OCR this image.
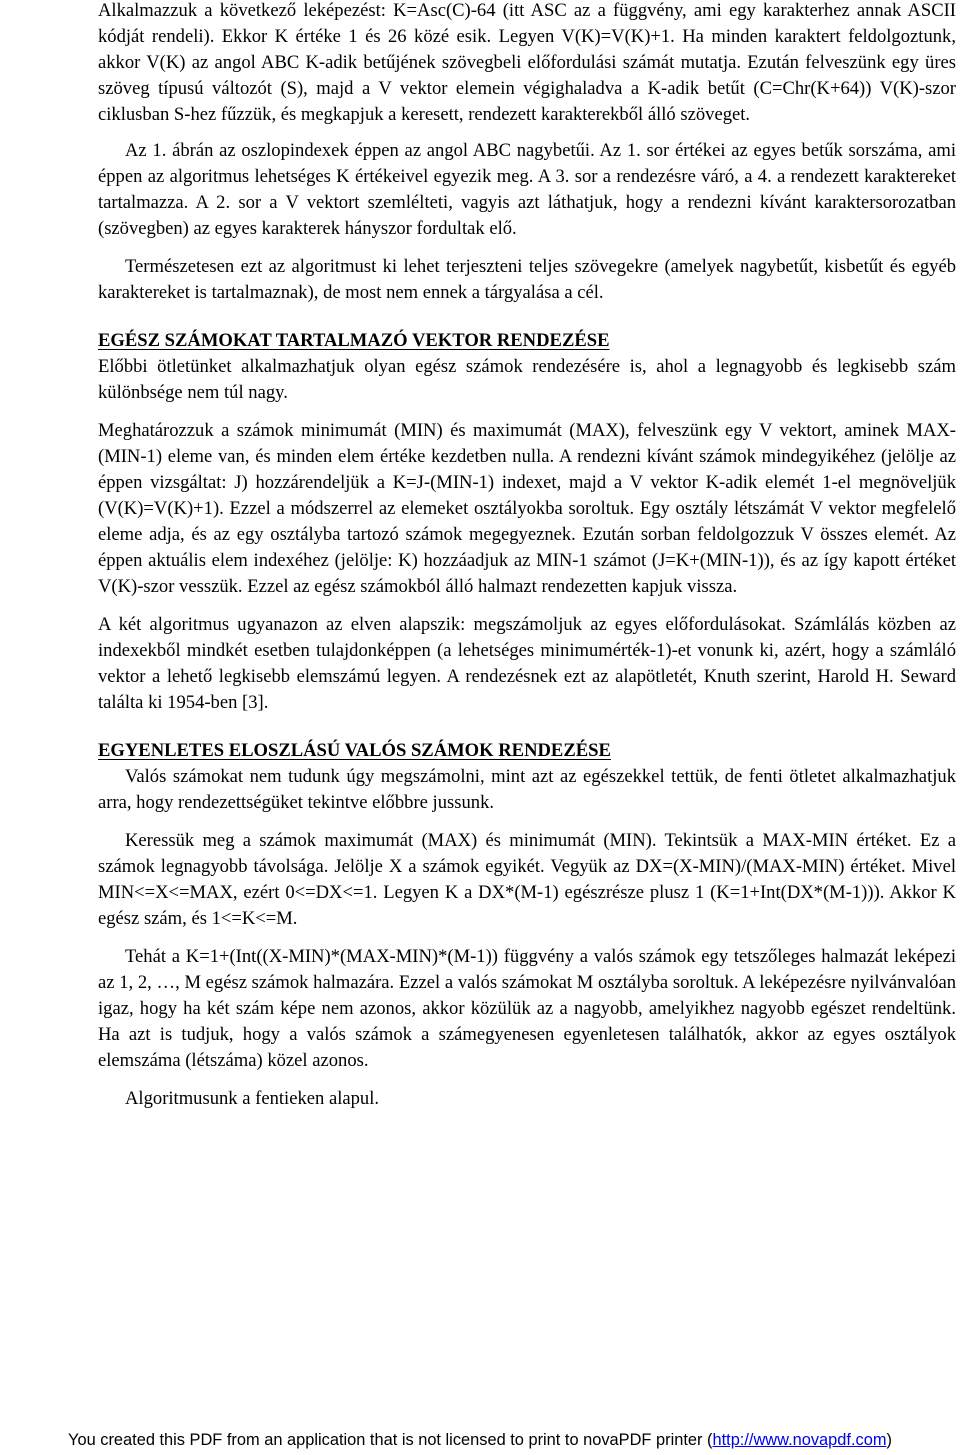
Alkalmazzuk a következő leképezést: K=Asc(C)-64 (itt ASC az a függvény, ami egy karakterhez annak ASCII kódját rendeli). Ekkor K értéke 1 és 26 közé esik. Legyen V(K)=V(K)+1. Ha minden karaktert feldolgoztunk, akkor V(K) az angol ABC K-adik betűjének szövegbeli előfordulási számát mutatja. Ezután felveszünk egy üres szöveg típusú változót (S), majd a V vektor elemein végighaladva a K-adik betűt (C=Chr(K+64)) V(K)-szor ciklusban S-hez fűzzük, és megkapjuk a keresett, rendezett karakterekből álló szöveget.

Az 1. ábrán az oszlopindexek éppen az angol ABC nagybetűi. Az 1. sor értékei az egyes betűk sorszáma, ami éppen az algoritmus lehetséges K értékeivel egyezik meg. A 3. sor a rendezésre váró, a 4. a rendezett karaktereket tartalmazza. A 2. sor a V vektort szemlélteti, vagyis azt láthatjuk, hogy a rendezni kívánt karaktersorozatban (szövegben) az egyes karakterek hányszor fordultak elő.

Természetesen ezt az algoritmust ki lehet terjeszteni teljes szövegekre (amelyek nagybetűt, kisbetűt és egyéb karaktereket is tartalmaznak), de most nem ennek a tárgyalása a cél.

EGÉSZ SZÁMOKAT TARTALMAZÓ VEKTOR RENDEZÉSE

Előbbi ötletünket alkalmazhatjuk olyan egész számok rendezésére is, ahol a legnagyobb és legkisebb szám különbsége nem túl nagy.

Meghatározzuk a számok minimumát (MIN) és maximumát (MAX), felveszünk egy V vektort, aminek MAX-(MIN-1) eleme van, és minden elem értéke kezdetben nulla. A rendezni kívánt számok mindegyikéhez (jelölje az éppen vizsgáltat: J) hozzárendeljük a K=J-(MIN-1) indexet, majd a V vektor K-adik elemét 1-el megnöveljük (V(K)=V(K)+1). Ezzel a módszerrel az elemeket osztályokba soroltuk. Egy osztály létszámát V vektor megfelelő eleme adja, és az egy osztályba tartozó számok megegyeznek. Ezután sorban feldolgozzuk V összes elemét. Az éppen aktuális elem indexéhez (jelölje: K) hozzáadjuk az MIN-1 számot (J=K+(MIN-1)), és az így kapott értéket V(K)-szor vesszük. Ezzel az egész számokból álló halmazt rendezetten kapjuk vissza.

A két algoritmus ugyanazon az elven alapszik: megszámoljuk az egyes előfordulásokat. Számlálás közben az indexekből mindkét esetben tulajdonképpen (a lehetséges minimumérték-1)-et vonunk ki, azért, hogy a számláló vektor a lehető legkisebb elemszámú legyen. A rendezésnek ezt az alapötletét, Knuth szerint, Harold H. Seward találta ki 1954-ben [3].

EGYENLETES ELOSZLÁSÚ VALÓS SZÁMOK RENDEZÉSE

Valós számokat nem tudunk úgy megszámolni, mint azt az egészekkel tettük, de fenti ötletet alkalmazhatjuk arra, hogy rendezettségüket tekintve előbbre jussunk.

Keressük meg a számok maximumát (MAX) és minimumát (MIN). Tekintsük a MAX-MIN értéket. Ez a számok legnagyobb távolsága. Jelölje X a számok egyikét. Vegyük az DX=(X-MIN)/(MAX-MIN) értéket. Mivel MIN<=X<=MAX, ezért 0<=DX<=1. Legyen K a DX*(M-1) egészrésze plusz 1 (K=1+Int(DX*(M-1))). Akkor K egész szám, és 1<=K<=M.

Tehát a K=1+(Int((X-MIN)*(MAX-MIN)*(M-1)) függvény a valós számok egy tetszőleges halmazát leképezi az 1, 2, …, M egész számok halmazára. Ezzel a valós számokat M osztályba soroltuk. A leképezésre nyilvánvalóan igaz, hogy ha két szám képe nem azonos, akkor közülük az a nagyobb, amelyikhez nagyobb egészet rendeltünk. Ha azt is tudjuk, hogy a valós számok a számegyenesen egyenletesen találhatók, akkor az egyes osztályok elemszáma (létszáma) közel azonos.

Algoritmusunk a fentieken alapul.

You created this PDF from an application that is not licensed to print to novaPDF printer (http://www.novapdf.com)
